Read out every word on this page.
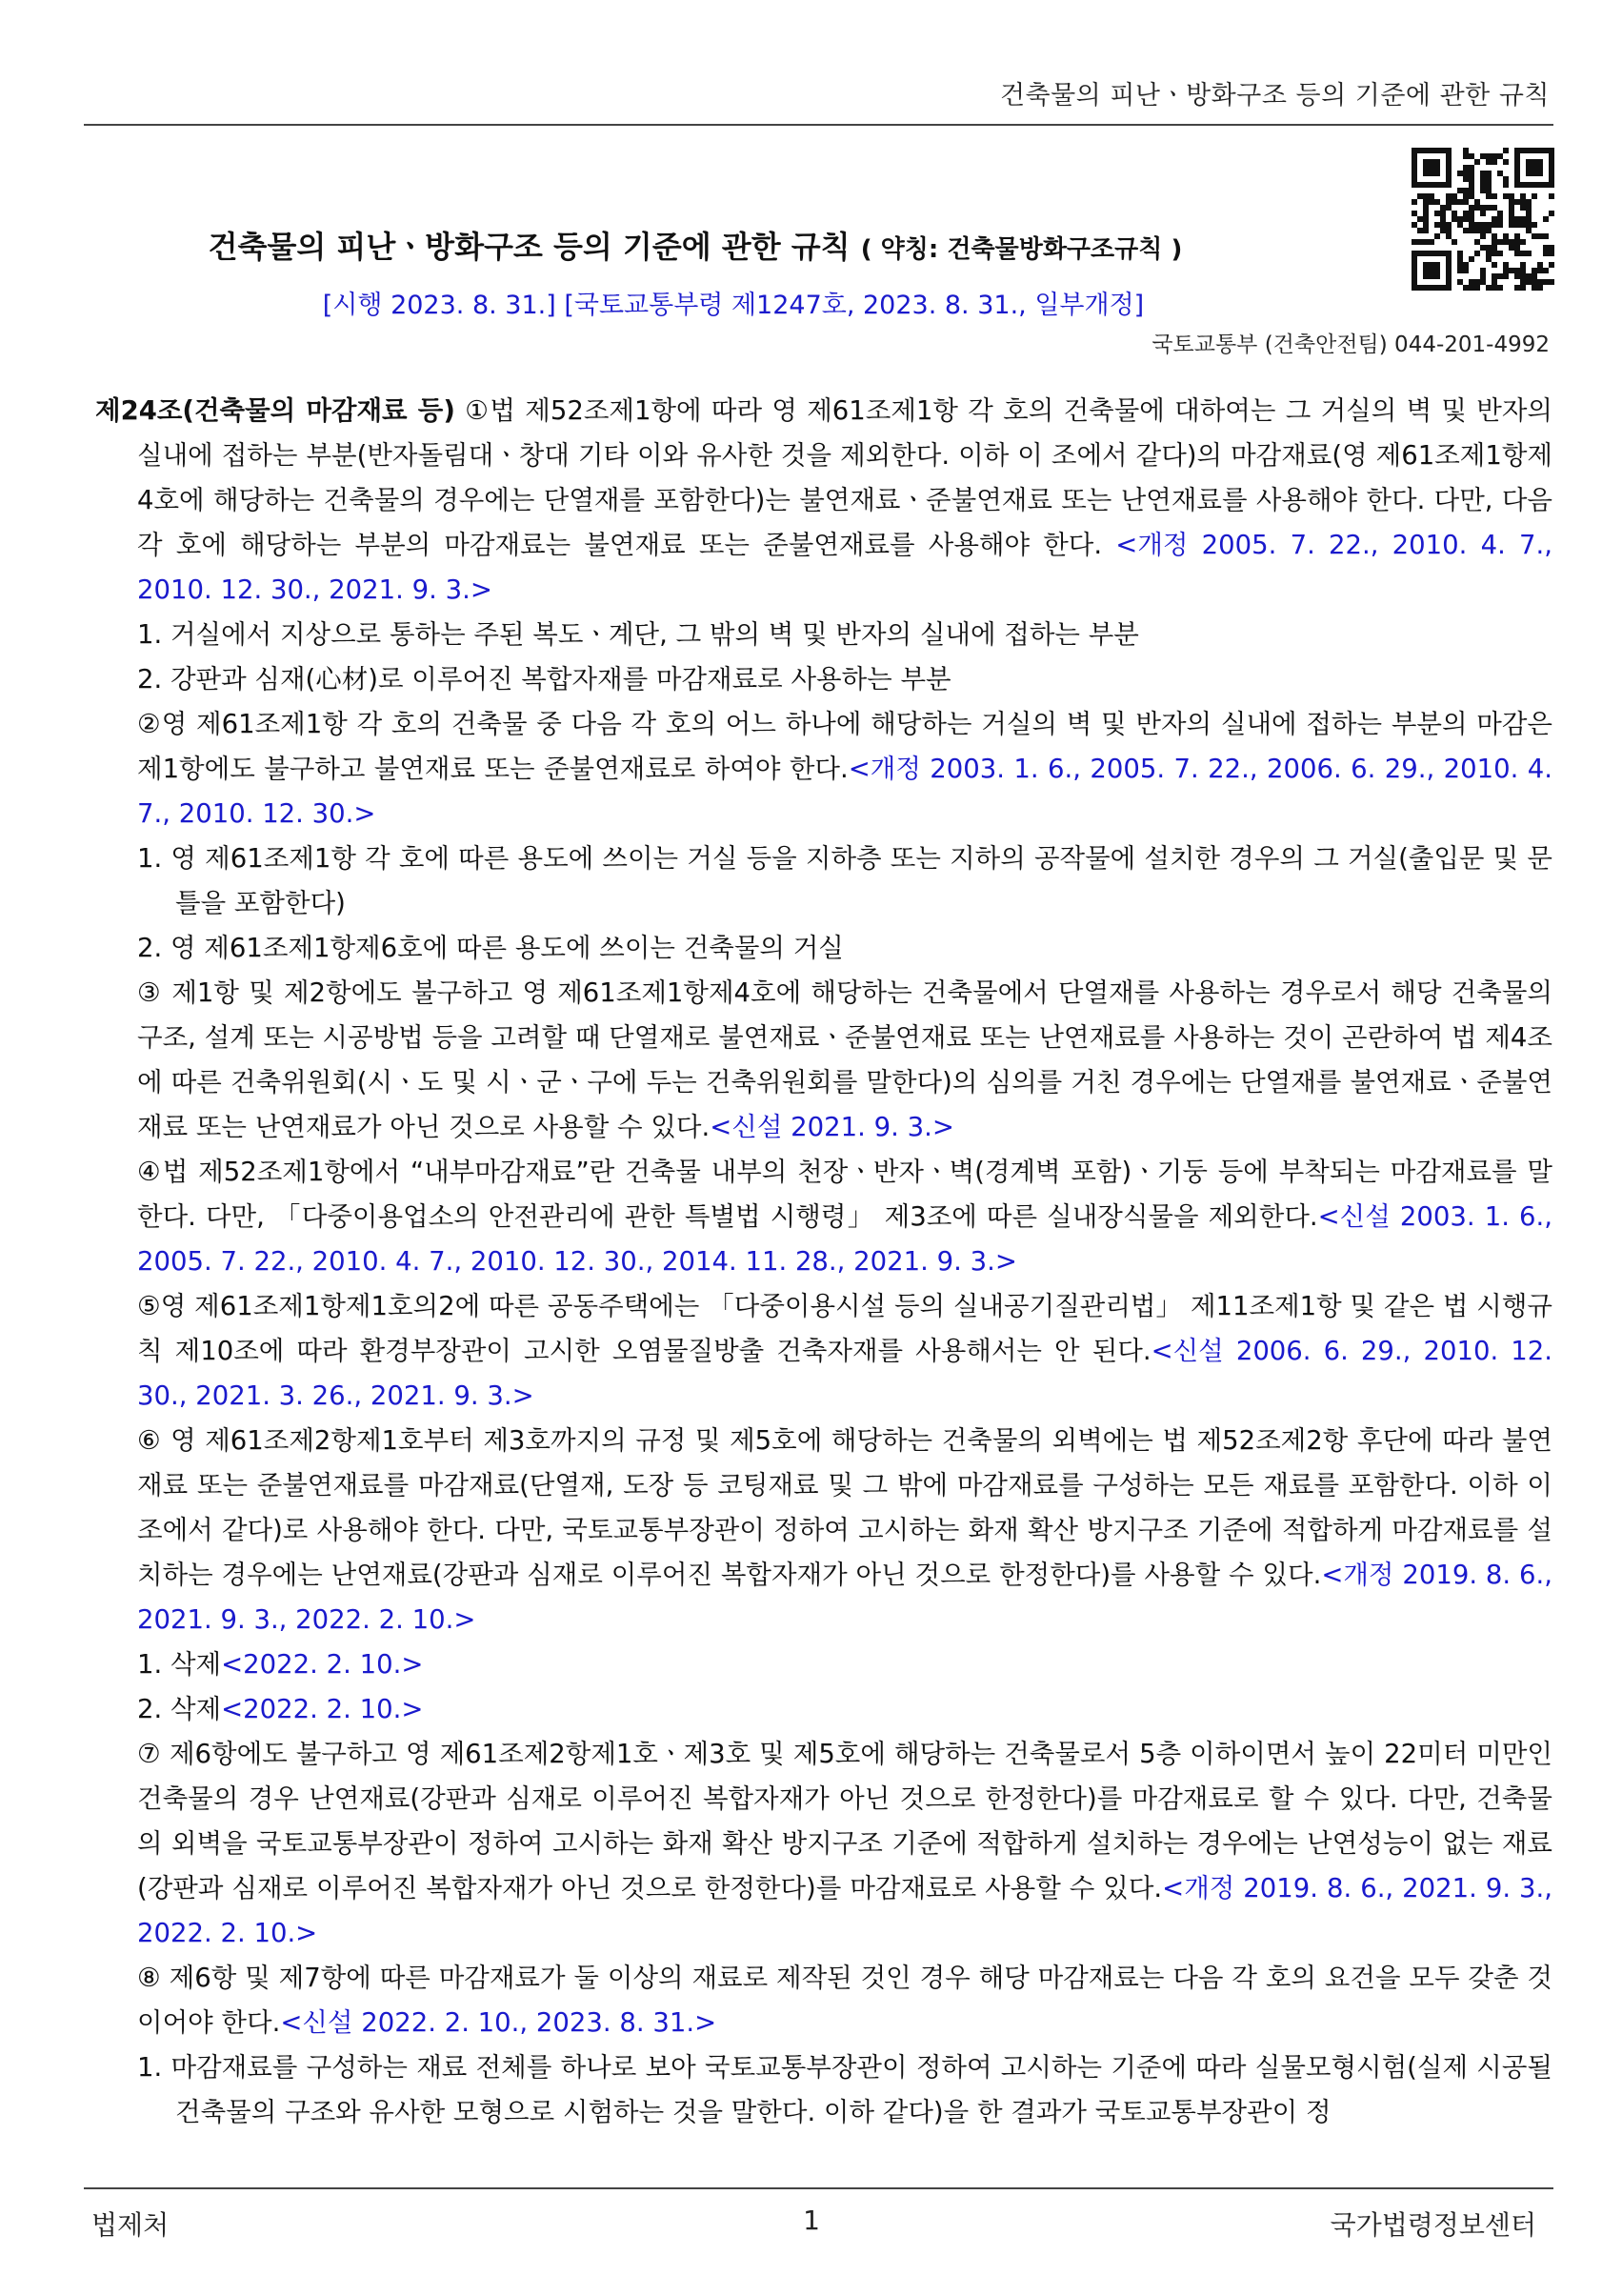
건축물의 피난ㆍ방화구조 등의 기준에 관한 규칙
건축물의 피난ㆍ방화구조 등의 기준에 관한 규칙 ( 약칭: 건축물방화구조규칙 )
[시행 2023. 8. 31.] [국토교통부령 제1247호, 2023. 8. 31., 일부개정]
국토교통부 (건축안전팀) 044-201-4992

제24조(건축물의 마감재료 등) ①법 제52조제1항에 따라 영 제61조제1항 각 호의 건축물에 대하여는 그 거실의 벽 및 반자의 실내에 접하는 부분(반자돌림대ㆍ창대 기타 이와 유사한 것을 제외한다. 이하 이 조에서 같다)의 마감재료(영 제61조제1항제4호에 해당하는 건축물의 경우에는 단열재를 포함한다)는 불연재료ㆍ준불연재료 또는 난연재료를 사용해야 한다. 다만, 다음 각 호에 해당하는 부분의 마감재료는 불연재료 또는 준불연재료를 사용해야 한다. <개정 2005. 7. 22., 2010. 4. 7., 2010. 12. 30., 2021. 9. 3.>

1. 거실에서 지상으로 통하는 주된 복도ㆍ계단, 그 밖의 벽 및 반자의 실내에 접하는 부분

2. 강판과 심재(心材)로 이루어진 복합자재를 마감재료로 사용하는 부분

②영 제61조제1항 각 호의 건축물 중 다음 각 호의 어느 하나에 해당하는 거실의 벽 및 반자의 실내에 접하는 부분의 마감은 제1항에도 불구하고 불연재료 또는 준불연재료로 하여야 한다.<개정 2003. 1. 6., 2005. 7. 22., 2006. 6. 29., 2010. 4. 7., 2010. 12. 30.>

1. 영 제61조제1항 각 호에 따른 용도에 쓰이는 거실 등을 지하층 또는 지하의 공작물에 설치한 경우의 그 거실(출입문 및 문틀을 포함한다)

2. 영 제61조제1항제6호에 따른 용도에 쓰이는 건축물의 거실

③ 제1항 및 제2항에도 불구하고 영 제61조제1항제4호에 해당하는 건축물에서 단열재를 사용하는 경우로서 해당 건축물의 구조, 설계 또는 시공방법 등을 고려할 때 단열재로 불연재료ㆍ준불연재료 또는 난연재료를 사용하는 것이 곤란하여 법 제4조에 따른 건축위원회(시ㆍ도 및 시ㆍ군ㆍ구에 두는 건축위원회를 말한다)의 심의를 거친 경우에는 단열재를 불연재료ㆍ준불연재료 또는 난연재료가 아닌 것으로 사용할 수 있다.<신설 2021. 9. 3.>

④법 제52조제1항에서 “내부마감재료”란 건축물 내부의 천장ㆍ반자ㆍ벽(경계벽 포함)ㆍ기둥 등에 부착되는 마감재료를 말한다. 다만, 「다중이용업소의 안전관리에 관한 특별법 시행령」 제3조에 따른 실내장식물을 제외한다.<신설 2003. 1. 6., 2005. 7. 22., 2010. 4. 7., 2010. 12. 30., 2014. 11. 28., 2021. 9. 3.>

⑤영 제61조제1항제1호의2에 따른 공동주택에는 「다중이용시설 등의 실내공기질관리법」 제11조제1항 및 같은 법 시행규칙 제10조에 따라 환경부장관이 고시한 오염물질방출 건축자재를 사용해서는 안 된다.<신설 2006. 6. 29., 2010. 12. 30., 2021. 3. 26., 2021. 9. 3.>

⑥ 영 제61조제2항제1호부터 제3호까지의 규정 및 제5호에 해당하는 건축물의 외벽에는 법 제52조제2항 후단에 따라 불연재료 또는 준불연재료를 마감재료(단열재, 도장 등 코팅재료 및 그 밖에 마감재료를 구성하는 모든 재료를 포함한다. 이하 이 조에서 같다)로 사용해야 한다. 다만, 국토교통부장관이 정하여 고시하는 화재 확산 방지구조 기준에 적합하게 마감재료를 설치하는 경우에는 난연재료(강판과 심재로 이루어진 복합자재가 아닌 것으로 한정한다)를 사용할 수 있다.<개정 2019. 8. 6., 2021. 9. 3., 2022. 2. 10.>

1. 삭제<2022. 2. 10.>

2. 삭제<2022. 2. 10.>

⑦ 제6항에도 불구하고 영 제61조제2항제1호ㆍ제3호 및 제5호에 해당하는 건축물로서 5층 이하이면서 높이 22미터 미만인 건축물의 경우 난연재료(강판과 심재로 이루어진 복합자재가 아닌 것으로 한정한다)를 마감재료로 할 수 있다. 다만, 건축물의 외벽을 국토교통부장관이 정하여 고시하는 화재 확산 방지구조 기준에 적합하게 설치하는 경우에는 난연성능이 없는 재료(강판과 심재로 이루어진 복합자재가 아닌 것으로 한정한다)를 마감재료로 사용할 수 있다.<개정 2019. 8. 6., 2021. 9. 3., 2022. 2. 10.>

⑧ 제6항 및 제7항에 따른 마감재료가 둘 이상의 재료로 제작된 것인 경우 해당 마감재료는 다음 각 호의 요건을 모두 갖춘 것이어야 한다.<신설 2022. 2. 10., 2023. 8. 31.>

1. 마감재료를 구성하는 재료 전체를 하나로 보아 국토교통부장관이 정하여 고시하는 기준에 따라 실물모형시험(실제 시공될 건축물의 구조와 유사한 모형으로 시험하는 것을 말한다. 이하 같다)을 한 결과가 국토교통부장관이 정

법제처	1	국가법령정보센터
